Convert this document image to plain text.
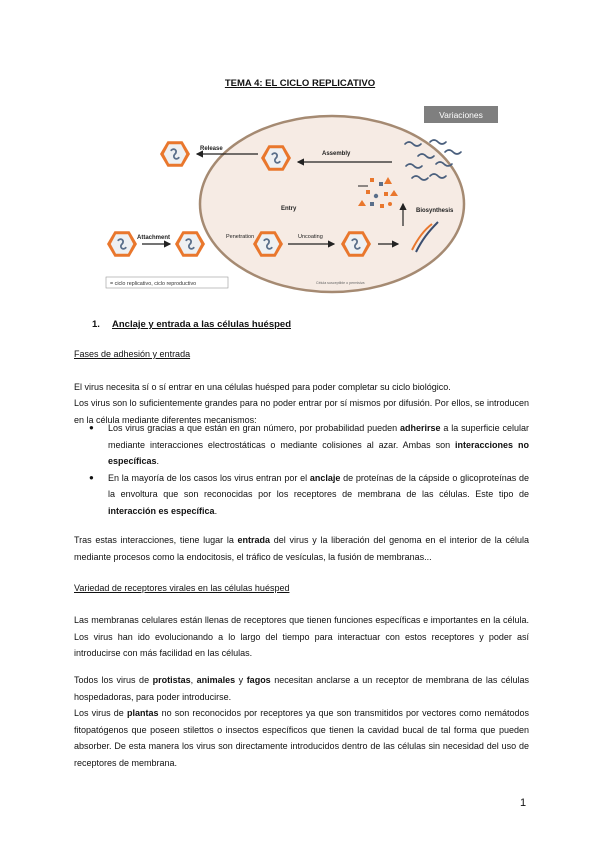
TEMA 4: EL CICLO REPLICATIVO
Variaciones
Release
Assembly
Entry	Biosynthesis
Attachment	Penetration	Uncoating
= ciclo replicativo, ciclo reproductivo	Célula susceptible o permisiva
1. Anclaje y entrada a las células huésped
Fases de adhesión y entrada
El virus necesita sí o sí entrar en una células huésped para poder completar su ciclo biológico.
Los virus son lo suficientemente grandes para no poder entrar por sí mismos por difusión. Por ellos, se introducen en la célula mediante diferentes mecanismos:
● Los virus gracias a que están en gran número, por probabilidad pueden adherirse a la superficie celular mediante interacciones electrostáticas o mediante colisiones al azar. Ambas son interacciones no específicas.
● En la mayoría de los casos los virus entran por el anclaje de proteínas de la cápside o glicoproteínas de la envoltura que son reconocidas por los receptores de membrana de las células. Este tipo de interacción es específica.
Tras estas interacciones, tiene lugar la entrada del virus y la liberación del genoma en el interior de la célula mediante procesos como la endocitosis, el tráfico de vesículas, la fusión de membranas...
Variedad de receptores virales en las células huésped
Las membranas celulares están llenas de receptores que tienen funciones específicas e importantes en la célula. Los virus han ido evolucionando a lo largo del tiempo para interactuar con estos receptores y poder así introducirse con más facilidad en las células.
Todos los virus de protistas, animales y fagos necesitan anclarse a un receptor de membrana de las células hospedadoras, para poder introducirse.
Los virus de plantas no son reconocidos por receptores ya que son transmitidos por vectores como nemátodos fitopatógenos que poseen stilettos o insectos específicos que tienen la cavidad bucal de tal forma que pueden absorber. De esta manera los virus son directamente introducidos dentro de las células sin necesidad del uso de receptores de membrana.
1
